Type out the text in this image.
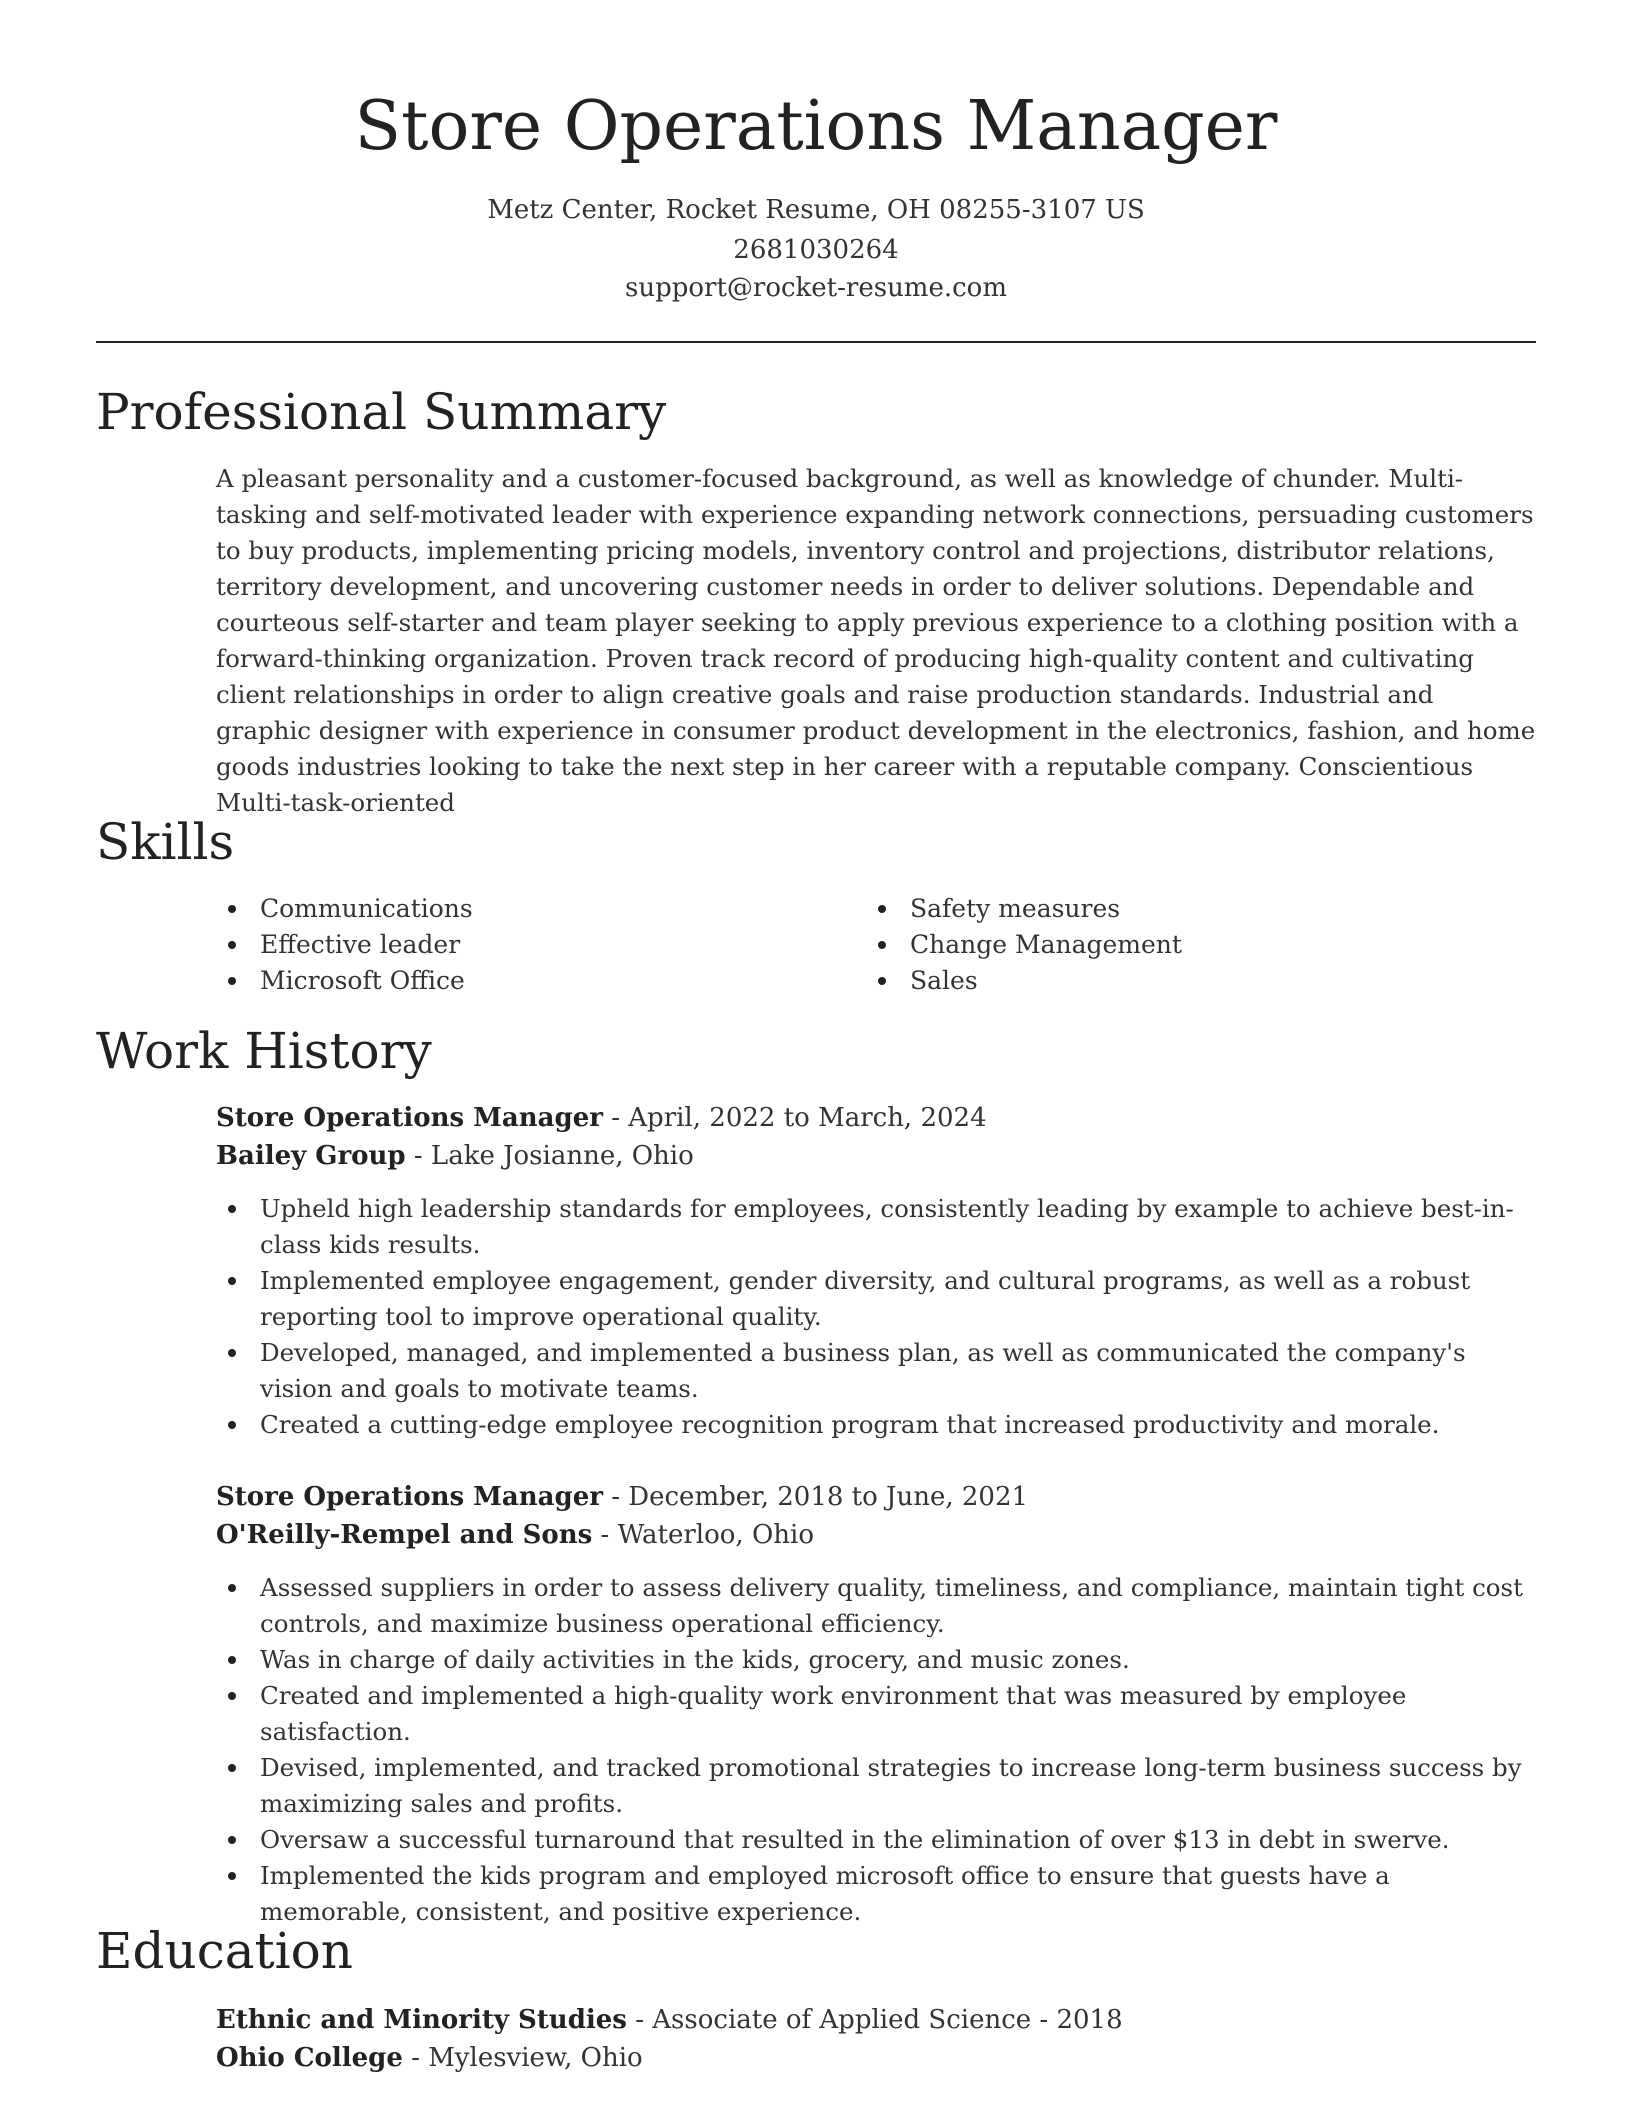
Store Operations Manager
Metz Center, Rocket Resume, OH 08255-3107 US
2681030264
support@rocket-resume.com
Professional Summary

A pleasant personality and a customer-focused background, as well as knowledge of chunder. Multi-tasking and self-motivated leader with experience expanding network connections, persuading customers to buy products, implementing pricing models, inventory control and projections, distributor relations, territory development, and uncovering customer needs in order to deliver solutions. Dependable and courteous self-starter and team player seeking to apply previous experience to a clothing position with a forward-thinking organization. Proven track record of producing high-quality content and cultivating client relationships in order to align creative goals and raise production standards. Industrial and graphic designer with experience in consumer product development in the electronics, fashion, and home goods industries looking to take the next step in her career with a reputable company. Conscientious Multi-task-oriented

Skills
Communications
Effective leader
Microsoft Office
Safety measures
Change Management
Sales
Work History
Store Operations Manager - April, 2022 to March, 2024
Bailey Group - Lake Josianne, Ohio
Upheld high leadership standards for employees, consistently leading by example to achieve best-in-class kids results.
Implemented employee engagement, gender diversity, and cultural programs, as well as a robust reporting tool to improve operational quality.
Developed, managed, and implemented a business plan, as well as communicated the company's vision and goals to motivate teams.
Created a cutting-edge employee recognition program that increased productivity and morale.
Store Operations Manager - December, 2018 to June, 2021
O'Reilly-Rempel and Sons - Waterloo, Ohio
Assessed suppliers in order to assess delivery quality, timeliness, and compliance, maintain tight cost controls, and maximize business operational efficiency.
Was in charge of daily activities in the kids, grocery, and music zones.
Created and implemented a high-quality work environment that was measured by employee satisfaction.
Devised, implemented, and tracked promotional strategies to increase long-term business success by maximizing sales and profits.
Oversaw a successful turnaround that resulted in the elimination of over $13 in debt in swerve.
Implemented the kids program and employed microsoft office to ensure that guests have a memorable, consistent, and positive experience.
Education
Ethnic and Minority Studies - Associate of Applied Science - 2018
Ohio College - Mylesview, Ohio
